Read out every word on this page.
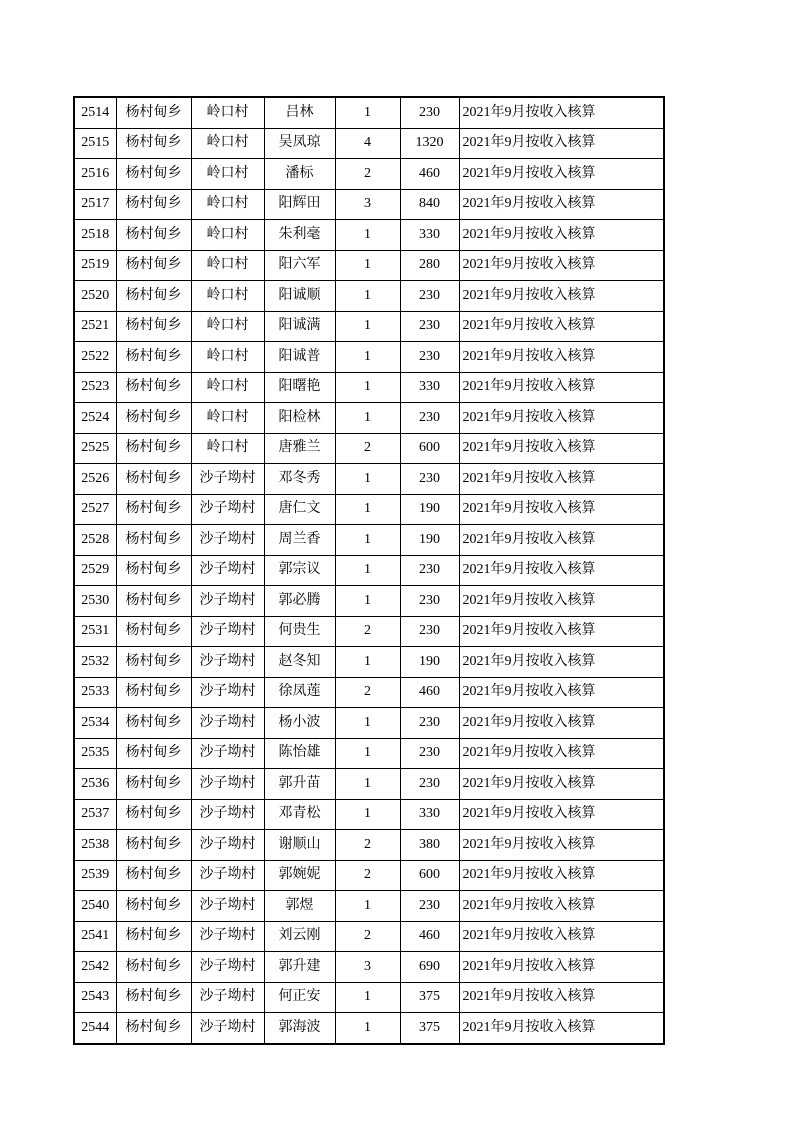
2514	杨村甸乡	岭口村	吕林	1	230	2021年9月按收入核算
2515	杨村甸乡	岭口村	吴凤琼	4	1320	2021年9月按收入核算
2516	杨村甸乡	岭口村	潘标	2	460	2021年9月按收入核算
2517	杨村甸乡	岭口村	阳辉田	3	840	2021年9月按收入核算
2518	杨村甸乡	岭口村	朱利毫	1	330	2021年9月按收入核算
2519	杨村甸乡	岭口村	阳六军	1	280	2021年9月按收入核算
2520	杨村甸乡	岭口村	阳诚顺	1	230	2021年9月按收入核算
2521	杨村甸乡	岭口村	阳诚满	1	230	2021年9月按收入核算
2522	杨村甸乡	岭口村	阳诚普	1	230	2021年9月按收入核算
2523	杨村甸乡	岭口村	阳曙艳	1	330	2021年9月按收入核算
2524	杨村甸乡	岭口村	阳检林	1	230	2021年9月按收入核算
2525	杨村甸乡	岭口村	唐雅兰	2	600	2021年9月按收入核算
2526	杨村甸乡	沙子坳村	邓冬秀	1	230	2021年9月按收入核算
2527	杨村甸乡	沙子坳村	唐仁文	1	190	2021年9月按收入核算
2528	杨村甸乡	沙子坳村	周兰香	1	190	2021年9月按收入核算
2529	杨村甸乡	沙子坳村	郭宗议	1	230	2021年9月按收入核算
2530	杨村甸乡	沙子坳村	郭必腾	1	230	2021年9月按收入核算
2531	杨村甸乡	沙子坳村	何贵生	2	230	2021年9月按收入核算
2532	杨村甸乡	沙子坳村	赵冬知	1	190	2021年9月按收入核算
2533	杨村甸乡	沙子坳村	徐凤莲	2	460	2021年9月按收入核算
2534	杨村甸乡	沙子坳村	杨小波	1	230	2021年9月按收入核算
2535	杨村甸乡	沙子坳村	陈怡雄	1	230	2021年9月按收入核算
2536	杨村甸乡	沙子坳村	郭升苗	1	230	2021年9月按收入核算
2537	杨村甸乡	沙子坳村	邓青松	1	330	2021年9月按收入核算
2538	杨村甸乡	沙子坳村	谢顺山	2	380	2021年9月按收入核算
2539	杨村甸乡	沙子坳村	郭婉妮	2	600	2021年9月按收入核算
2540	杨村甸乡	沙子坳村	郭煜	1	230	2021年9月按收入核算
2541	杨村甸乡	沙子坳村	刘云刚	2	460	2021年9月按收入核算
2542	杨村甸乡	沙子坳村	郭升建	3	690	2021年9月按收入核算
2543	杨村甸乡	沙子坳村	何正安	1	375	2021年9月按收入核算
2544	杨村甸乡	沙子坳村	郭海波	1	375	2021年9月按收入核算
